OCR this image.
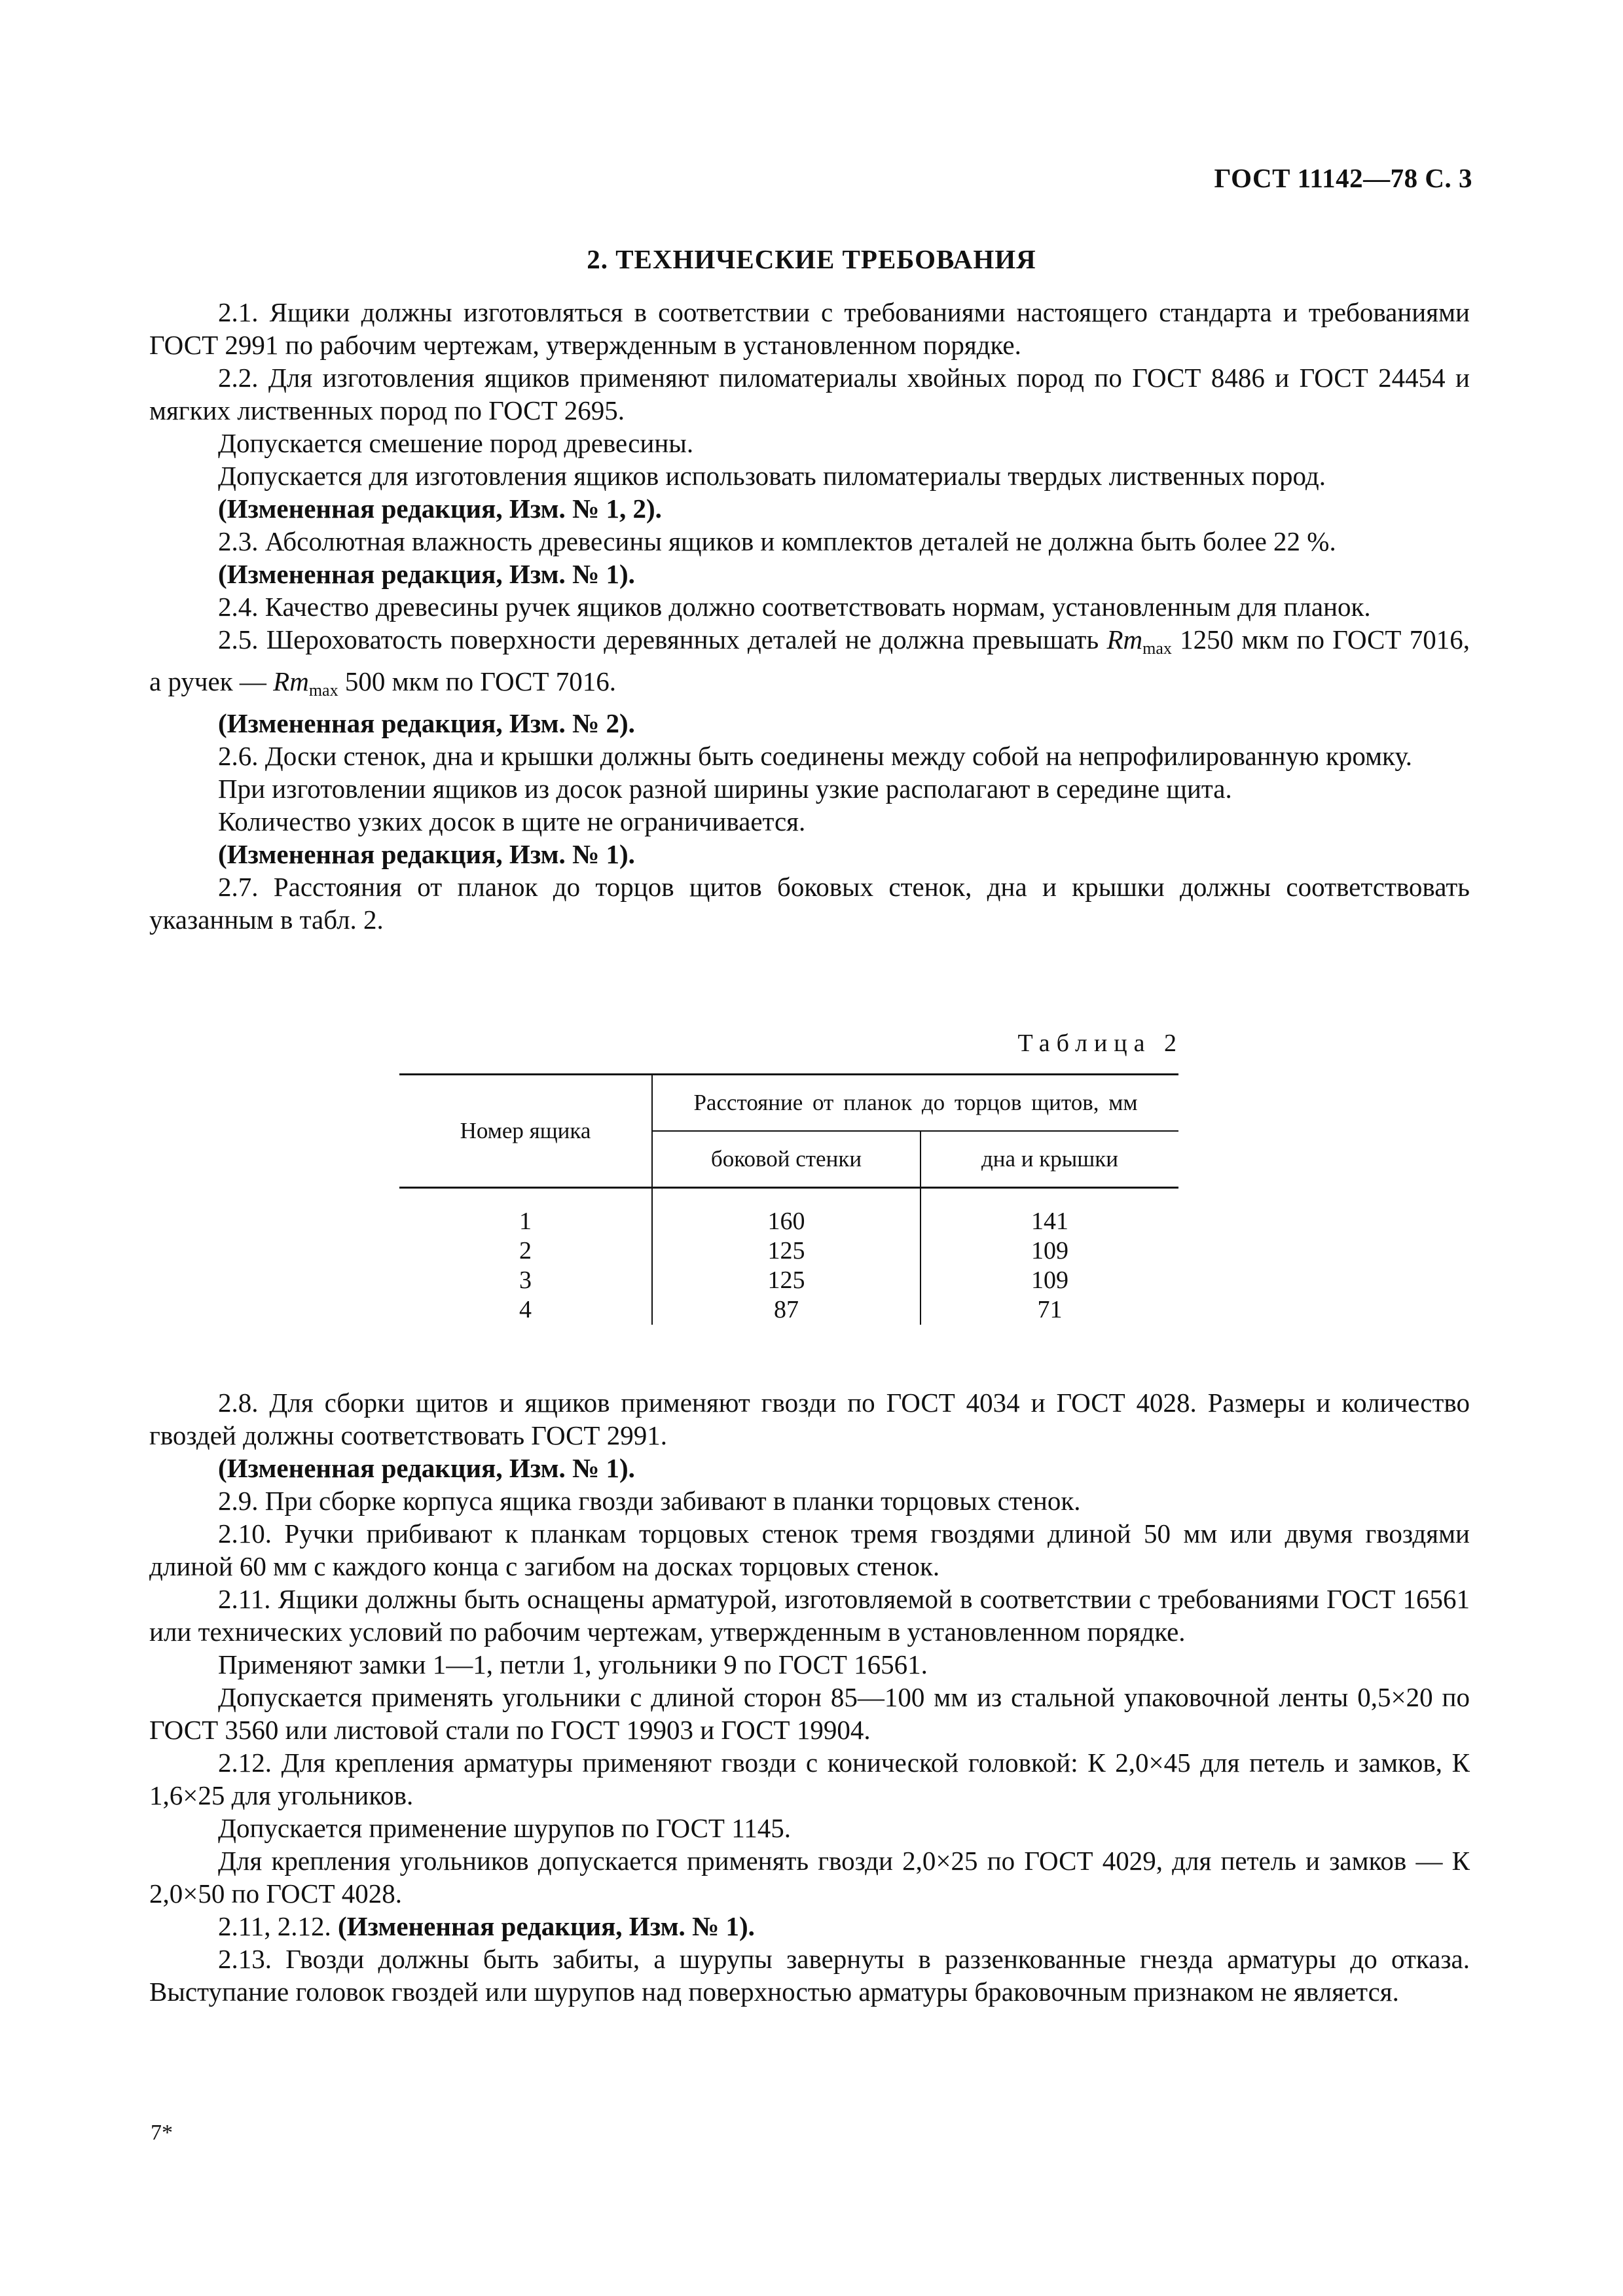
ГОСТ 11142—78 С. 3
2. ТЕХНИЧЕСКИЕ ТРЕБОВАНИЯ

2.1. Ящики должны изготовляться в соответствии с требованиями настоящего стандарта и требованиями ГОСТ 2991 по рабочим чертежам, утвержденным в установленном порядке.

2.2. Для изготовления ящиков применяют пиломатериалы хвойных пород по ГОСТ 8486 и ГОСТ 24454 и мягких лиственных пород по ГОСТ 2695.

Допускается смешение пород древесины.

Допускается для изготовления ящиков использовать пиломатериалы твердых лиственных пород.

(Измененная редакция, Изм. № 1, 2).

2.3. Абсолютная влажность древесины ящиков и комплектов деталей не должна быть более 22 %.

(Измененная редакция, Изм. № 1).

2.4. Качество древесины ручек ящиков должно соответствовать нормам, установленным для планок.

2.5. Шероховатость поверхности деревянных деталей не должна превышать Rmmax 1250 мкм по ГОСТ 7016, а ручек — Rmmax 500 мкм по ГОСТ 7016.

(Измененная редакция, Изм. № 2).

2.6. Доски стенок, дна и крышки должны быть соединены между собой на непрофилированную кромку.

При изготовлении ящиков из досок разной ширины узкие располагают в середине щита.

Количество узких досок в щите не ограничивается.

(Измененная редакция, Изм. № 1).

2.7. Расстояния от планок до торцов щитов боковых стенок, дна и крышки должны соответствовать указанным в табл. 2.

Таблица 2
Номер ящика	Расстояние от планок до торцов щитов, мм	
	боковой стенки	дна и крышки

1	160	141
2	125	109
3	125	109
4	87	71

2.8. Для сборки щитов и ящиков применяют гвозди по ГОСТ 4034 и ГОСТ 4028. Размеры и количество гвоздей должны соответствовать ГОСТ 2991.

(Измененная редакция, Изм. № 1).

2.9. При сборке корпуса ящика гвозди забивают в планки торцовых стенок.

2.10. Ручки прибивают к планкам торцовых стенок тремя гвоздями длиной 50 мм или двумя гвоздями длиной 60 мм с каждого конца с загибом на досках торцовых стенок.

2.11. Ящики должны быть оснащены арматурой, изготовляемой в соответствии с требованиями ГОСТ 16561 или технических условий по рабочим чертежам, утвержденным в установленном порядке.

Применяют замки 1—1, петли 1, угольники 9 по ГОСТ 16561.

Допускается применять угольники с длиной сторон 85—100 мм из стальной упаковочной ленты 0,5×20 по ГОСТ 3560 или листовой стали по ГОСТ 19903 и ГОСТ 19904.

2.12. Для крепления арматуры применяют гвозди с конической головкой: К 2,0×45 для петель и замков, К 1,6×25 для угольников.

Допускается применение шурупов по ГОСТ 1145.

Для крепления угольников допускается применять гвозди 2,0×25 по ГОСТ 4029, для петель и замков — К 2,0×50 по ГОСТ 4028.

2.11, 2.12. (Измененная редакция, Изм. № 1).

2.13. Гвозди должны быть забиты, а шурупы завернуты в раззенкованные гнезда арматуры до отказа. Выступание головок гвоздей или шурупов над поверхностью арматуры браковочным признаком не является.

7*
